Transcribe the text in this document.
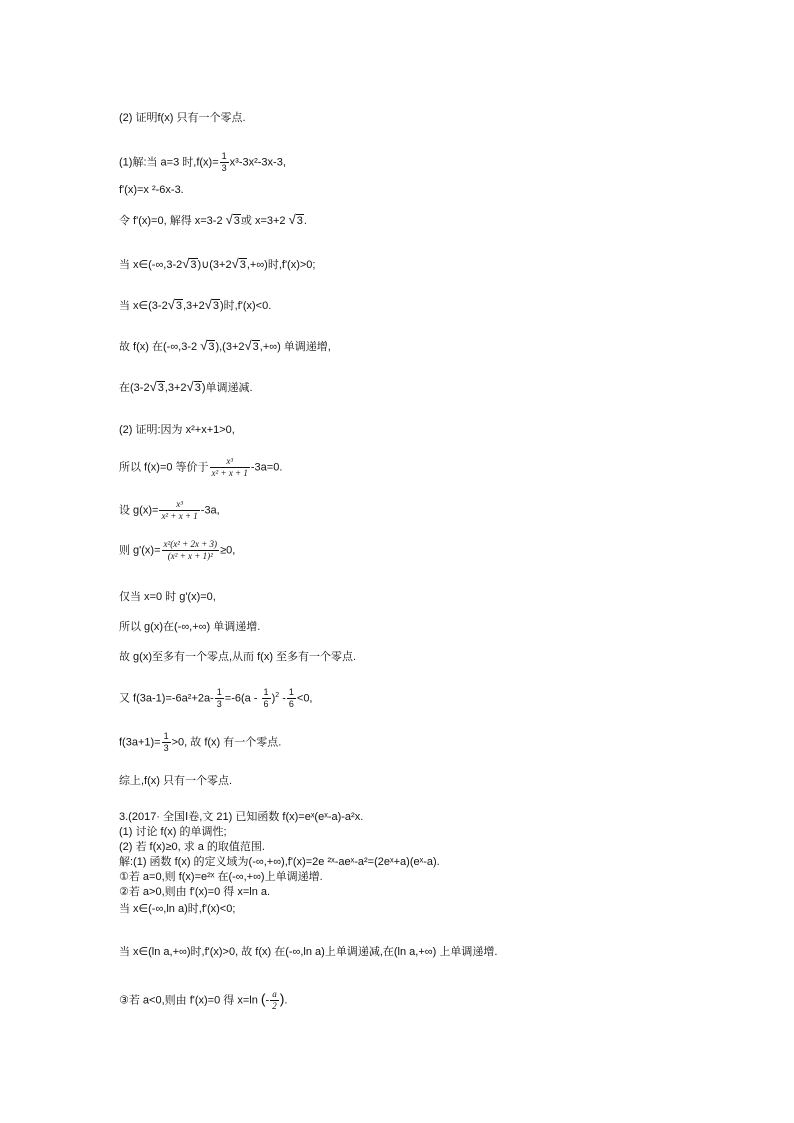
(2) 证明f(x) 只有一个零点.
(1)解:当 a=3 时$,f(x)= \frac{1}{3} x^3-3x^2-3x-3$,
f'(x)=x ²-6x-3.
令 f'(x)=0, 解得 x=3-2 √3或 x=3+2 √3.
当 x∈(-∞,3-2√3)∪(3+2√3,+∞)时,f'(x)>0;
当 x∈(3-2√3,3+2√3)时,f'(x)<0.
故 f(x) 在(-∞,3-2 √3),(3+2√3,+∞) 单调递增,
在(3-2√3,3+2√3)单调递减.
(2) 证明:因为 x²+x+1>0,
所以 f(x)=0 等价于 $\frac{\text{x³}}{\text{x² + x + 1}} -3a=0$.
设 $g(x)= \frac{\text{x³}}{\text{x² + x + 1}} -3a$,
则 $g'(x)= \frac{\text{x²(x² + 2x + 3)}}{\text{(x² + x + 1)²}} \ge 0$,
仅当 x=0 时 g'(x)=0,
所以 g(x)在(-∞,+∞) 单调递增.
故 g(x)至多有一个零点,从而 f(x) 至多有一个零点.
又 $f(3a-1)=-6a^2+2a- \frac{1}{3} =-6(a - \frac{1}{6} )^2 - \frac{1}{6} <0$,
$f(3a+1)= \frac{1}{3} >0$, 故 f(x) 有一个零点.
综上,f(x) 只有一个零点.
3.(2017· 全国Ⅰ卷,文 21) 已知函数 f(x)=eˣ(eˣ-a)-a²x.
(1) 讨论 f(x) 的单调性;
(2) 若 f(x)≥0, 求 a 的取值范围.
解:(1) 函数 f(x) 的定义域为(-∞,+∞),f'(x)=2e ²ˣ-aeˣ-a²=(2eˣ+a)(eˣ-a).
①若 a=0,则 f(x)=e²ˣ 在(-∞,+∞)上单调递增.
②若 a>0,则由 f'(x)=0 得 x=ln a.
当 x∈(-∞,ln a)时,f'(x)<0;
当 x∈(ln a,+∞)时,f'(x)>0, 故 f(x) 在(-∞,ln a)上单调递减,在(ln a,+∞) 上单调递增.
③若 a<0,则由 f'(x)=0 得 x=ln (- $\frac{a}{2}$ ).
